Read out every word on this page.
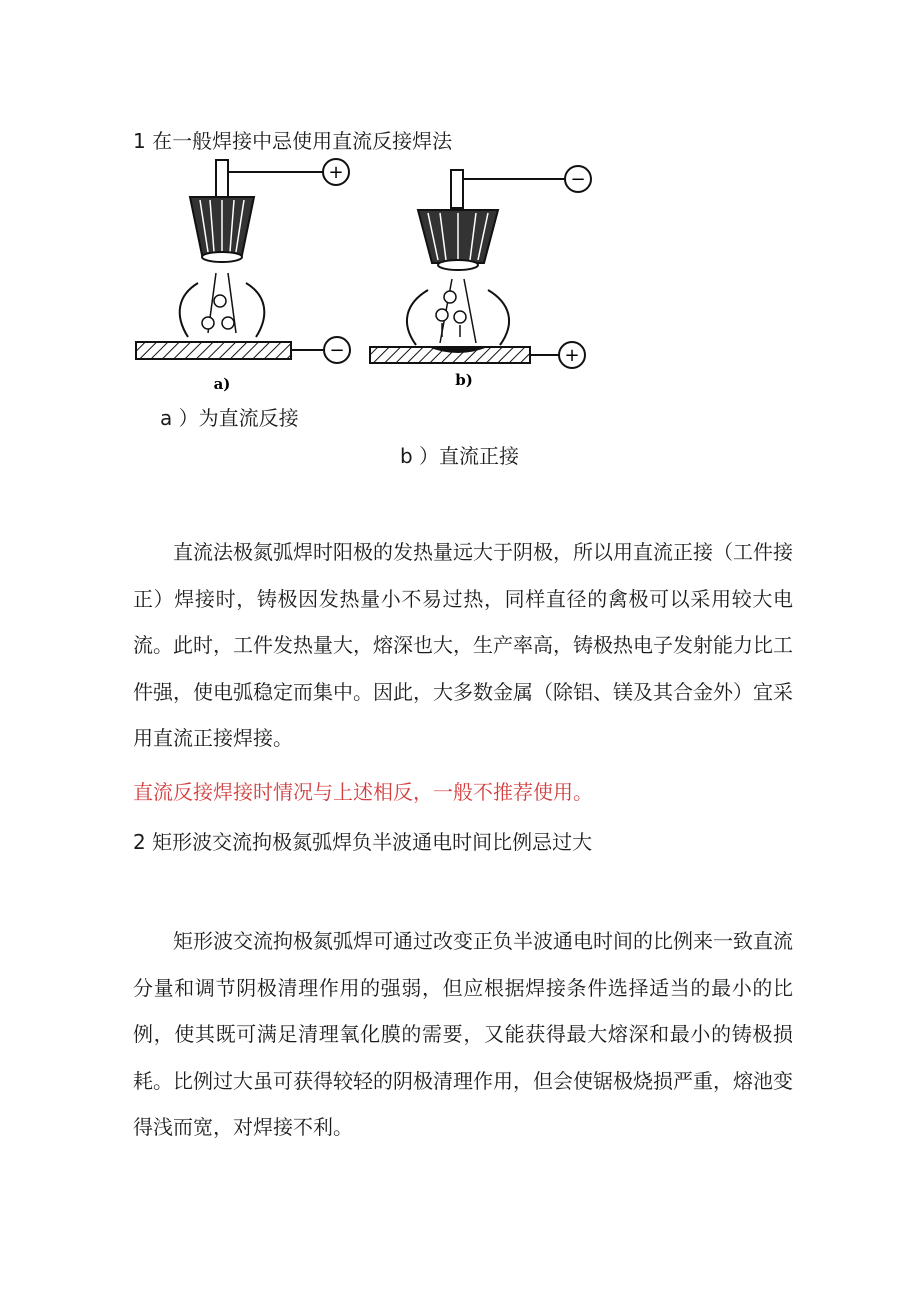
1 在一般焊接中忌使用直流反接焊法
+
−
a)
−
+
b)
a ）为直流反接
b ）直流正接

直流法极氮弧焊时阳极的发热量远大于阴极，所以用直流正接（工件接正）焊接时，铸极因发热量小不易过热，同样直径的禽极可以采用较大电流。此时，工件发热量大，熔深也大，生产率高，铸极热电子发射能力比工件强，使电弧稳定而集中。因此，大多数金属（除铝、镁及其合金外）宜采用直流正接焊接。

直流反接焊接时情况与上述相反，一般不推荐使用。
2 矩形波交流拘极氮弧焊负半波通电时间比例忌过大

矩形波交流拘极氮弧焊可通过改变正负半波通电时间的比例来一致直流分量和调节阴极清理作用的强弱，但应根据焊接条件选择适当的最小的比例，使其既可满足清理氧化膜的需要，又能获得最大熔深和最小的铸极损耗。比例过大虽可获得较轻的阴极清理作用，但会使锯极烧损严重，熔池变得浅而宽，对焊接不利。
